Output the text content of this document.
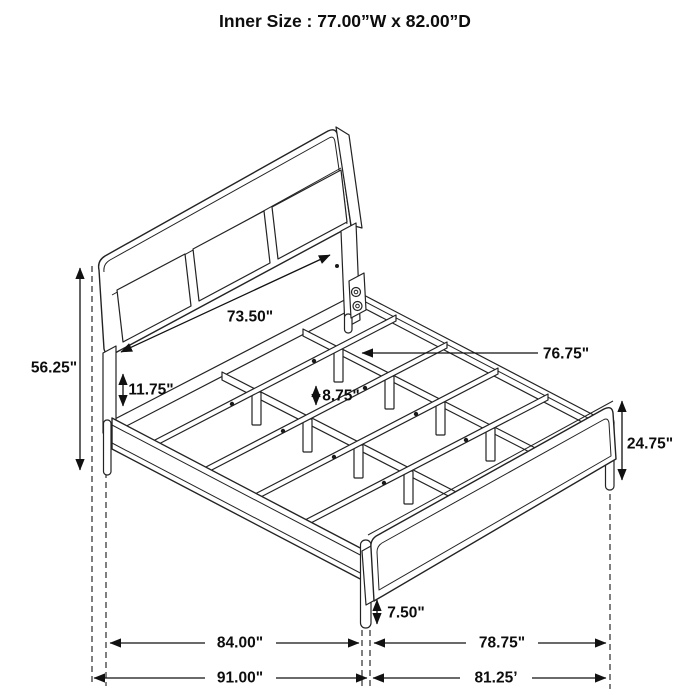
56.25"
11.75"
73.50"
8.75"
76.75"
24.75"
7.50"
84.00"	78.75"
91.00"	81.25’
Inner Size : 77.00”W x 82.00”D
